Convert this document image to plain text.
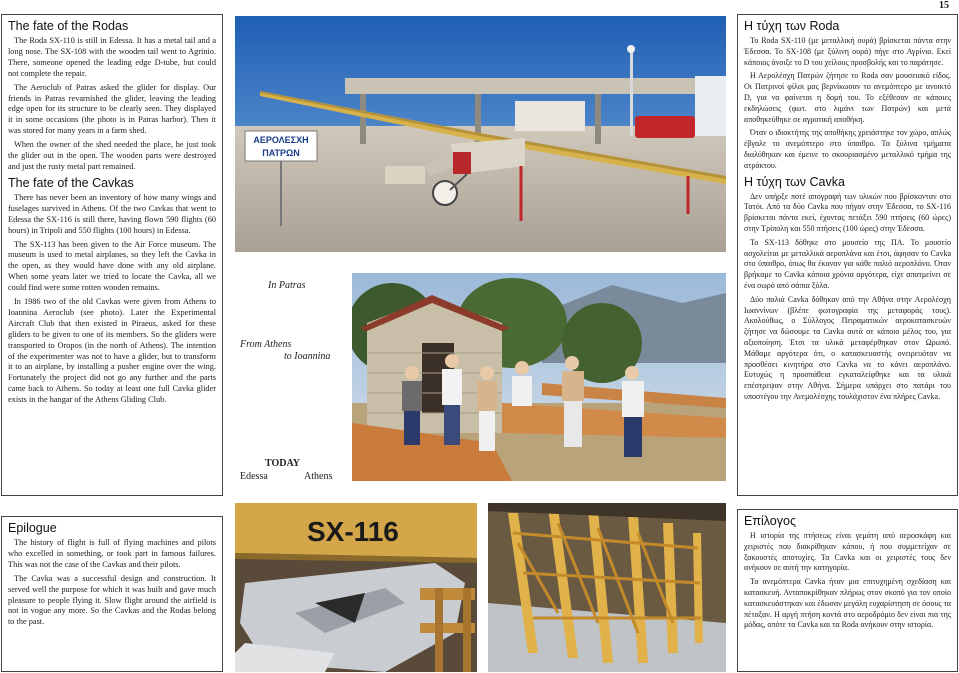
15
The fate of the Rodas

The Roda SX-110 is still in Edessa. It has a metal tail and a long nose. The SX-108 with the wooden tail went to Agrinio. There, someone opened the leading edge D-tube, but could not complete the repair.

The Aeroclub of Patras asked the glider for display. Our friends in Patras revarnished the glider, leaving the leading edge open for its structure to be clearly seen. They displayed it in some occasions (the photo is in Patras harbor). Then it was stored for many years in a farm shed.

When the owner of the shed needed the place, he just took the glider out in the open. The wooden parts were destroyed and just the rusty metal part remained.

The fate of the Cavkas

There has never been an inventory of how many wings and fuselages survived in Athens. Of the two Cavkas that went to Edessa the SX-116 is still there, having flown 590 flights (60 hours) in Tripoli and 550 flights (100 hours) in Edessa.

The SX-113 has been given to the Air Force museum. The museum is used to metal airplanes, so they left the Cavka in the open, as they would have done with any old airplane. When some years later we tried to locate the Cavka, all we could find were some rotten wooden remains.

In 1986 two of the old Cavkas were given from Athens to Ioannina Aeroclub (see photo). Later the Experimental Aircraft Club that then existed in Piraeus, asked for these gliders to be given to one of its members. So the gliders were transported to Oropos (in the north of Athens). The intention of the experimenter was not to have a glider, but to transform it to an airplane, by installing a pusher engine over the wing. Fortunately the project did not go any further and the parts came back to Athens. So today at least one full Cavka glider exists in the hangar of the Athens Gliding Club.

Η τύχη των Roda

Το Roda SX-110 (με μεταλλική ουρά) βρίσκεται πάντα στην Έδεσσα. Το SX-108 (με ξύλινη ουρά) πήγε στο Αγρίνιο. Εκεί κάποιος άνοιξε το D του χείλους προσβολής και το παράτησε.

Η Αερολέσχη Πατρών ζήτησε το Roda σαν μουσειακό είδος. Οι Πατρινοί φίλοι μας βερνίκωσαν το ανεμόπτερο με ανοικτό D, για να φαίνεται η δομή του. Το εξέθεσαν σε κάποιες εκδηλώσεις (φωτ. στο λιμάνι των Πατρών) και μετά αποθηκεύθηκε σε αγροτική αποθήκη.

Όταν ο ιδιοκτήτης της αποθήκης χρειάστηκε τον χώρο, απλώς έβγαλε το ανεμόπτερο στο ύπαιθρο. Τα ξύλινα τμήματα διαλύθηκαν και έμεινε το σκουριασμένο μεταλλικό τμήμα της ατράκτου.

Η τύχη των Cavka

Δεν υπήρξε ποτέ απογραφή των υλικών που βρίσκονταν στο Τατόι. Από τα δύο Cavka που πήγαν στην Έδεσσα, το SX-116 βρίσκεται πάντα εκεί, έχοντας πετάξει 590 πτήσεις (60 ώρες) στην Τρίπολη και 550 πτήσεις (100 ώρες) στην Έδεσσα.

Το SX-113 δόθηκε στο μουσείο της ΠΑ. Το μουσείο ασχολείται με μεταλλικά αεροπλάνα και έτσι, άφησαν το Cavka στο ύπαιθρο, όπως θα έκαναν για κάθε παλιό αεροπλάνο. Όταν βρήκαμε το Cavka κάποια χρόνια αργότερα, είχε απατμείνει σε ένα σωρό από σάπια ξύλα.

Δύο παλιά Cavka δόθηκαν από την Αθήνα στην Αερολέσχη Ιωαννίνων (βλέπε φωτογραφία της μεταφοράς τους). Ακολούθως, ο Σύλλογος Πειραματικών αεροκατασκευών ζήτησε να δώσουμε τα Cavka αυτά σε κάποιο μέλος του, για αξιοποίηση. Έτσι τα υλικά μεταφέρθηκαν στον Ωρωπό. Μάθαμε αργότερα ότι, ο κατασκευαστής ονειρευόταν να προσθέσει κινητήρα στο Cavka να το κάνει αεροπλάνο. Ευτυχώς η προσπάθεια εγκαταλείφθηκε και τα υλικά επέστρεψαν στην Αθήνα. Σήμερα υπάρχει στο πατάρι του υποστέγου την Ανεμολέσχης τουλάχιστον ένα πλήρες Cavka.

Epilogue

The history of flight is full of flying machines and pilots who excelled in something, or took part in famous failures. This was not the case of the Cavkas and their pilots.

The Cavka was a successful design and construction. It served well the purpose for which it was built and gave much pleasure to people flying it. Slow flight around the airfield is not in vogue any more. So the Cavkas and the Rodas belong to the past.

Επίλογος

Η ιστορία της πτήσεως είναι γεμάτη από αεροσκάφη και χειριστές που διακρίθηκαν κάπου, ή που συμμετείχαν σε ξακουστές αποτυχίες. Τα Cavka και οι χειριστές τους δεν ανήκουν σε αυτή την κατηγορία.

Τα ανεμόπτερα Cavka ήταν μια επιτυχημένη σχεδίαση και κατασκευή. Ανταποκρίθηκαν πλήρως στον σκοπό για τον οποίο κατασκευάστηκαν και έδωσαν μεγάλη ευχαρίστηση σε όσους τα πέταξαν. Η αργή πτήση κοντά στο αεροδρόμιο δεν είναι πια της μόδας, οπότε τα Cavka και τα Roda ανήκουν στην ιστορία.

ΑΕΡΟΛΕΣΧΗ
ΠΑΤΡΩΝ
In Patras
From Athens
to Ioannina
TODAY
Edessa	Athens
SX-116
